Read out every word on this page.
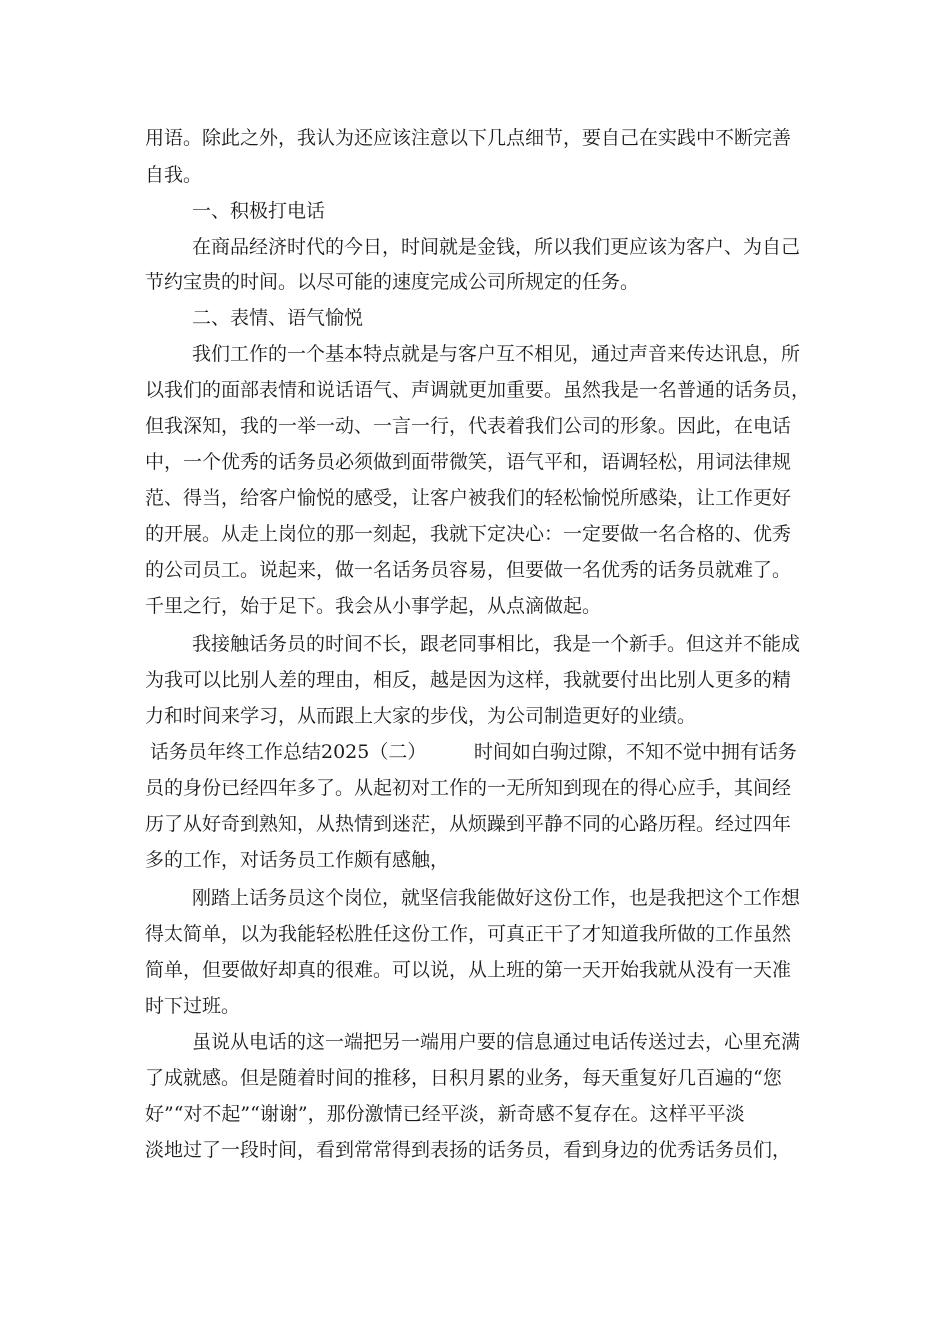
用语。除此之外，我认为还应该注意以下几点细节，要自己在实践中不断完善
自我。
一、积极打电话
在商品经济时代的今日，时间就是金钱，所以我们更应该为客户、为自己
节约宝贵的时间。以尽可能的速度完成公司所规定的任务。
二、表情、语气愉悦
我们工作的一个基本特点就是与客户互不相见，通过声音来传达讯息，所
以我们的面部表情和说话语气、声调就更加重要。虽然我是一名普通的话务员，
但我深知，我的一举一动、一言一行，代表着我们公司的形象。因此，在电话
中，一个优秀的话务员必须做到面带微笑，语气平和，语调轻松，用词法律规
范、得当，给客户愉悦的感受，让客户被我们的轻松愉悦所感染，让工作更好
的开展。从走上岗位的那一刻起，我就下定决心：一定要做一名合格的、优秀
的公司员工。说起来，做一名话务员容易，但要做一名优秀的话务员就难了。
千里之行，始于足下。我会从小事学起，从点滴做起。
我接触话务员的时间不长，跟老同事相比，我是一个新手。但这并不能成
为我可以比别人差的理由，相反，越是因为这样，我就要付出比别人更多的精
力和时间来学习，从而跟上大家的步伐，为公司制造更好的业绩。
话务员年终工作总结2025（二）　　　时间如白驹过隙，不知不觉中拥有话务
员的身份已经四年多了。从起初对工作的一无所知到现在的得心应手，其间经
历了从好奇到熟知，从热情到迷茫，从烦躁到平静不同的心路历程。经过四年
多的工作，对话务员工作颇有感触，
刚踏上话务员这个岗位，就坚信我能做好这份工作，也是我把这个工作想
得太简单，以为我能轻松胜任这份工作，可真正干了才知道我所做的工作虽然
简单，但要做好却真的很难。可以说，从上班的第一天开始我就从没有一天准
时下过班。
虽说从电话的这一端把另一端用户要的信息通过电话传送过去，心里充满
了成就感。但是随着时间的推移，日积月累的业务，每天重复好几百遍的“您
好”“对不起”“谢谢”，那份激情已经平淡，新奇感不复存在。这样平平淡
淡地过了一段时间，看到常常得到表扬的话务员，看到身边的优秀话务员们，
